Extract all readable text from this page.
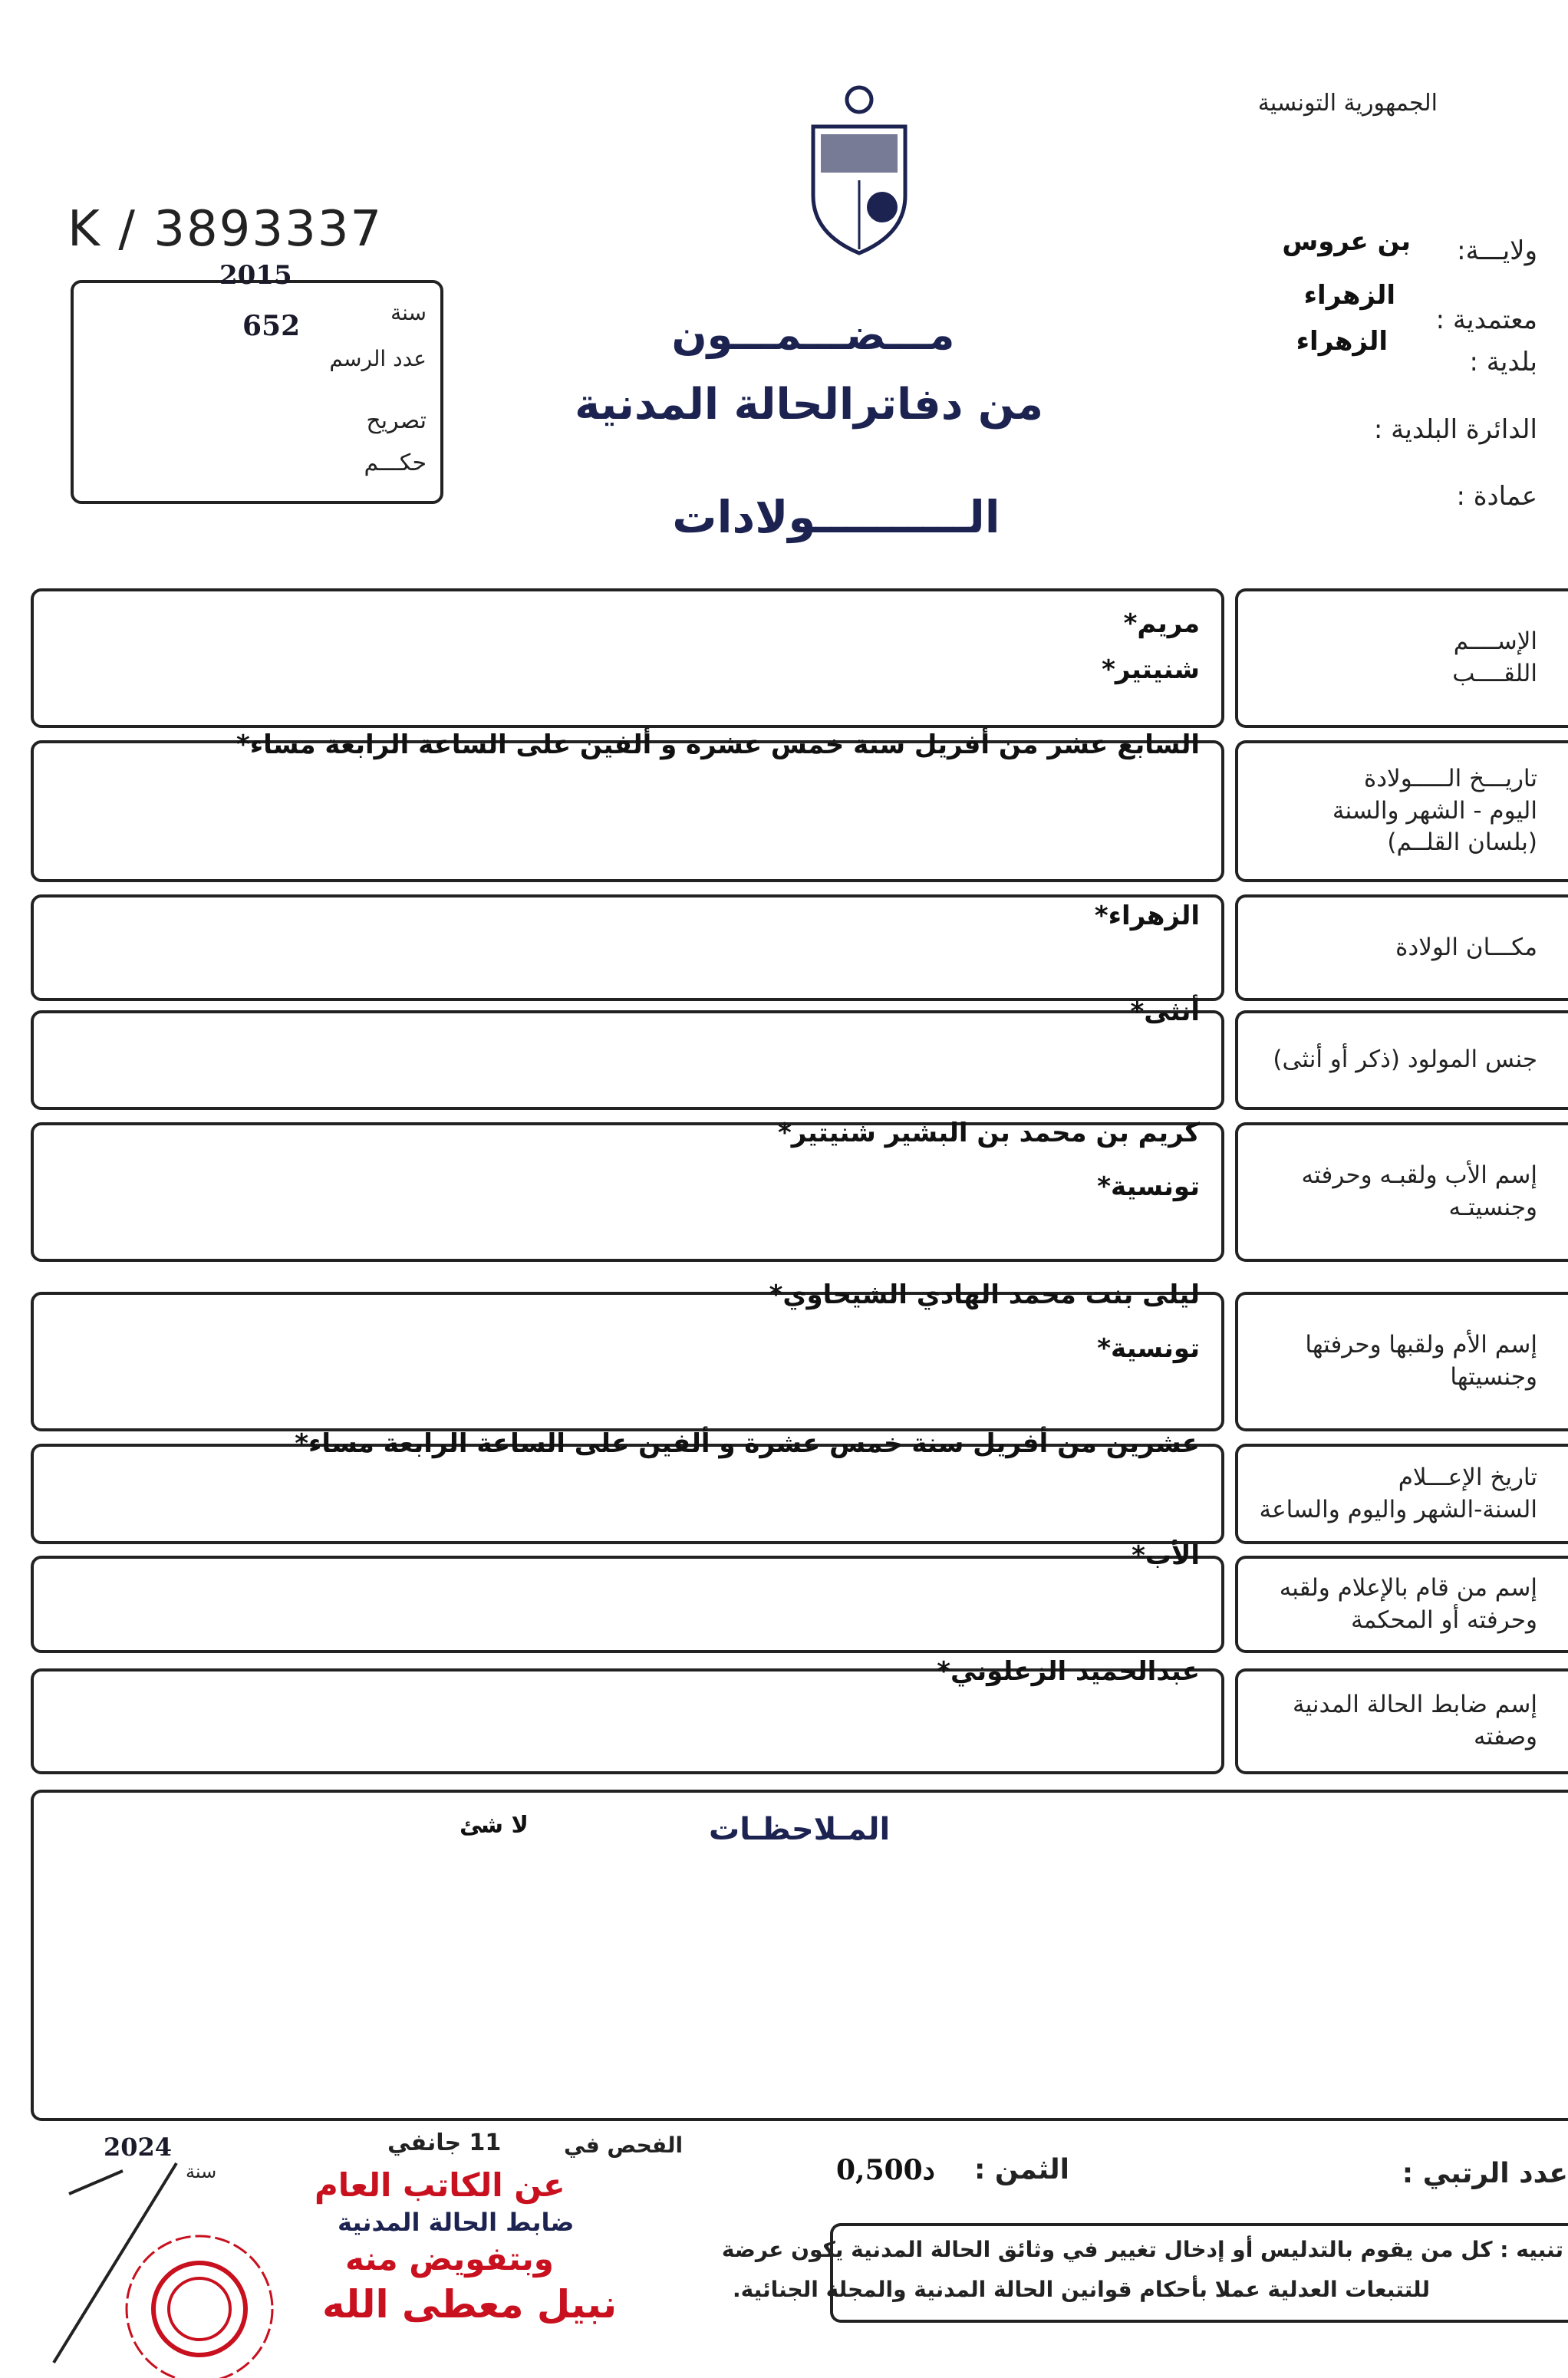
الجمهورية التونسية
K / 3893337
2015
سنة
652
عدد الرسم
تصريح
حكـــم
مـــضـــمـــون
من دفاترالحالة المدنية
الــــــــــولادات
ولايـــة:
بن عروس
معتمدية :
الزهراء
بلدية :
الزهراء
الدائرة البلدية :
عمادة :
مريم*
شنيتير*
الإســــم
اللقــــب
السابع عشر من أفريل سنة خمس عشره و ألفين على الساعة الرابعة مساء*
تاريـــخ الـــــولادة
اليوم - الشهر والسنة
(بلسان القلــم)
الزهراء*
مكـــان الولادة
أنثى*
جنس المولود (ذكر أو أنثى)
كريم بن محمد بن البشير شنيتير*
تونسية*	إسم الأب ولقبـه وحرفته
وجنسيتـه
ليلى بنت محمد الهادي الشيحاوي*
تونسية*	إسم الأم ولقبها وحرفتها
وجنسيتها
عشرين من أفريل سنة خمس عشرة و ألفين على الساعة الرابعة مساء*
تاريخ الإعـــلام
السنة-الشهر واليوم والساعة
الأب*
إسم من قام بالإعلام ولقبه
وحرفته أو المحكمة
عبدالحميد الزعلوني*
إسم ضابط الحالة المدنية
وصفته
المـلاحظـات
لا شئ
عدد الرتبي :
الثمن :
0,500د
الفحص في
11 جانفي
سنة
2024
عن الكاتب العام
ضابط الحالة المدنية
وبتفويض منه
نبيل معطى الله
تنبيه : كل من يقوم بالتدليس أو إدخال تغيير في وثائق الحالة المدنية يكون عرضة
للتتبعات العدلية عملا بأحكام قوانين الحالة المدنية والمجلة الجنائية.
